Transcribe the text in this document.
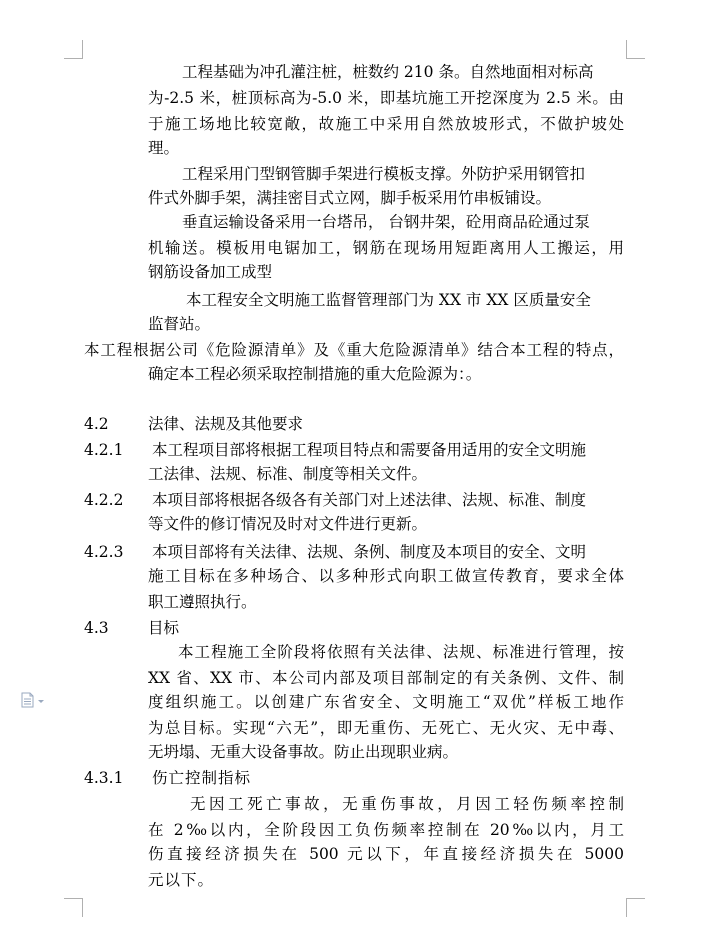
工程基础为冲孔灌注桩，桩数约 210 条。自然地面相对标高
为-2.5 米，桩顶标高为-5.0 米，即基坑施工开挖深度为 2.5 米。由
于施工场地比较宽敞，故施工中采用自然放坡形式，不做护坡处
理。
工程采用门型钢管脚手架进行模板支撑。外防护采用钢管扣
件式外脚手架，满挂密目式立网，脚手板采用竹串板铺设。
垂直运输设备采用一台塔吊， 台钢井架，砼用商品砼通过泵
机输送。模板用电锯加工，钢筋在现场用短距离用人工搬运，用
钢筋设备加工成型
本工程安全文明施工监督管理部门为 XX 市 XX 区质量安全
监督站。
本工程根据公司《危险源清单》及《重大危险源清单》结合本工程的特点，
确定本工程必须采取控制措施的重大危险源为：。
4.2	法律、法规及其他要求
4.2.1 本工程项目部将根据工程项目特点和需要备用适用的安全文明施
工法律、法规、标准、制度等相关文件。
4.2.2 本项目部将根据各级各有关部门对上述法律、法规、标准、制度
等文件的修订情况及时对文件进行更新。
4.2.3 本项目部将有关法律、法规、条例、制度及本项目的安全、文明
施工目标在多种场合、以多种形式向职工做宣传教育，要求全体
职工遵照执行。
4.3	目标
本工程施工全阶段将依照有关法律、法规、标准进行管理，按
XX 省、XX 市、本公司内部及项目部制定的有关条例、文件、制
度组织施工。以创建广东省安全、文明施工“双优”样板工地作
为总目标。实现“六无”，即无重伤、无死亡、无火灾、无中毒、
无坍塌、无重大设备事故。防止出现职业病。
4.3.1 伤亡控制指标
无因工死亡事故，无重伤事故，月因工轻伤频率控制
在 2‰以内，全阶段因工负伤频率控制在 20‰以内，月工
伤直接经济损失在 500 元以下，年直接经济损失在 5000
元以下。
